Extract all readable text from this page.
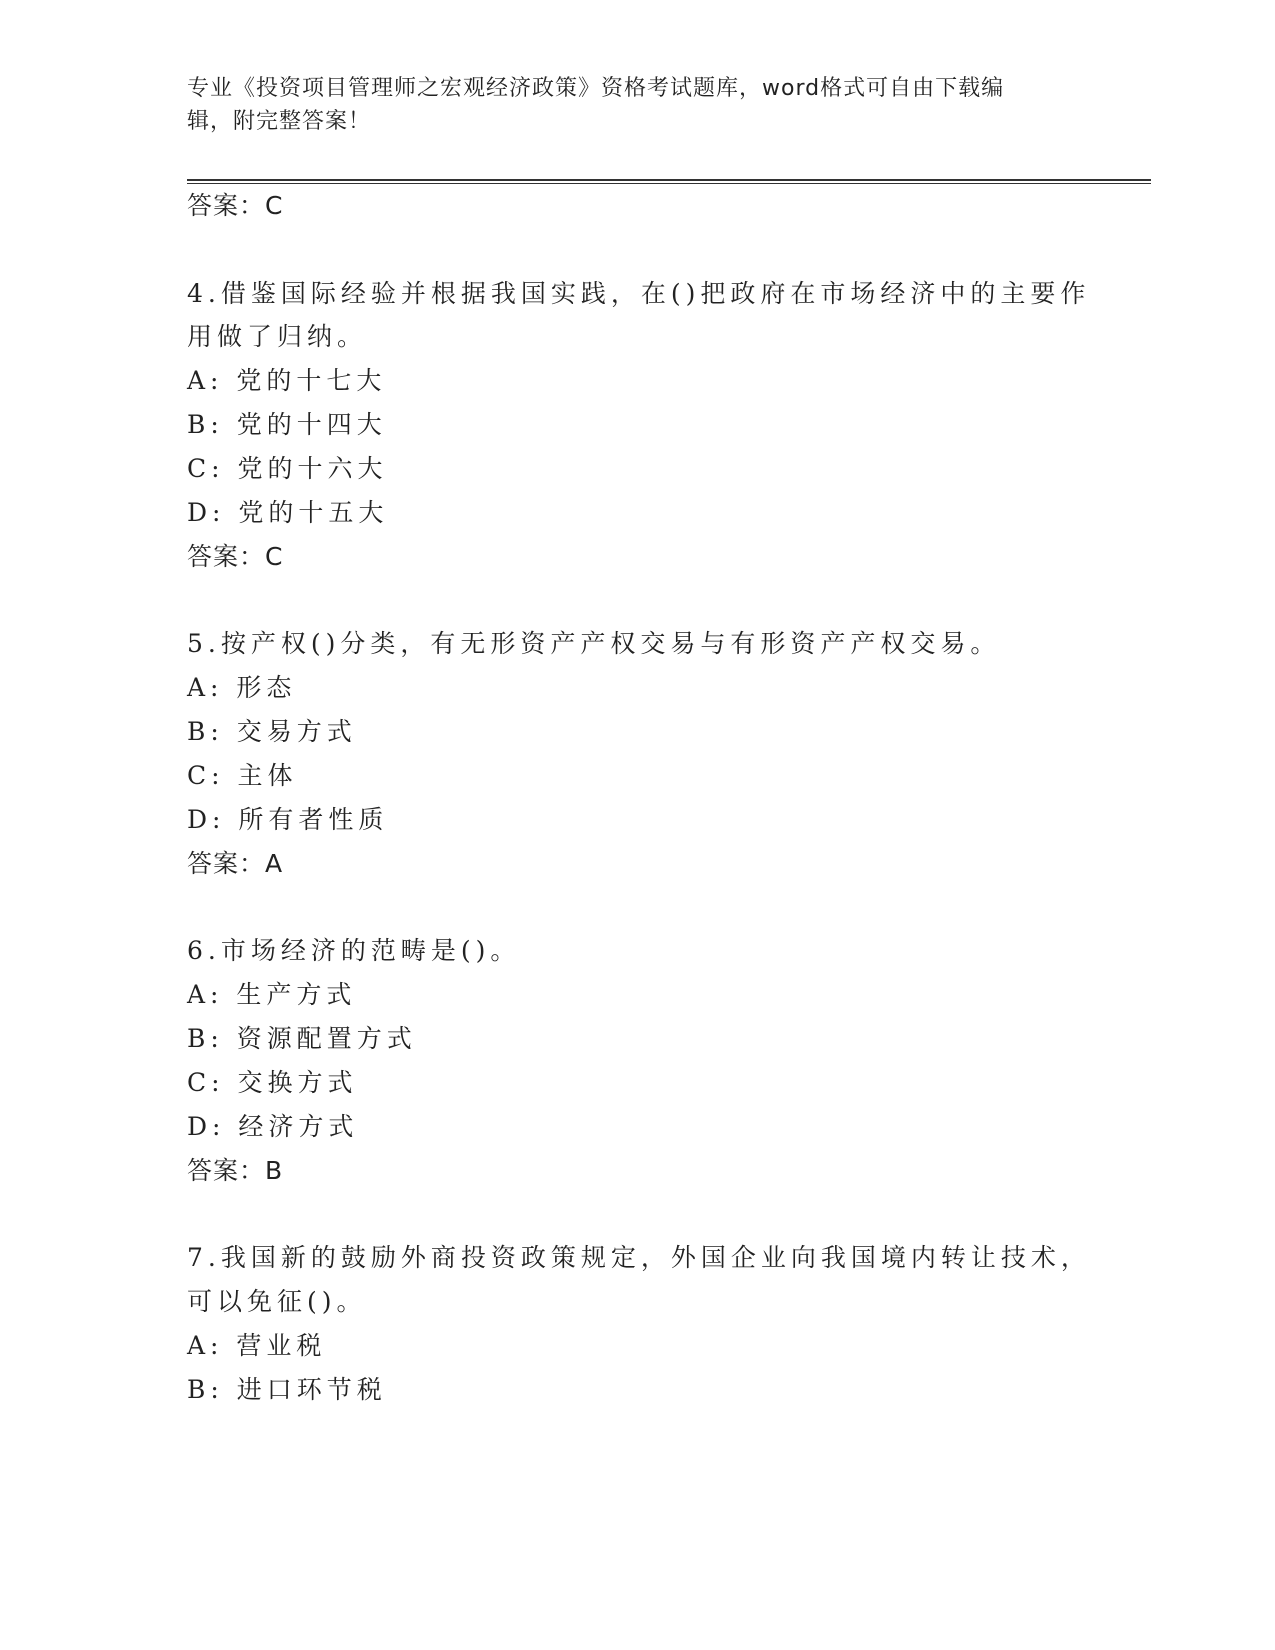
专业《投资项目管理师之宏观经济政策》资格考试题库，word格式可自由下载编
辑，附完整答案！
答案：C
4.借鉴国际经验并根据我国实践，在()把政府在市场经济中的主要作
用做了归纳。
A: 党的十七大
B: 党的十四大
C: 党的十六大
D: 党的十五大
答案：C
5.按产权()分类，有无形资产产权交易与有形资产产权交易。
A: 形态
B: 交易方式
C: 主体
D: 所有者性质
答案：A
6.市场经济的范畴是()。
A: 生产方式
B: 资源配置方式
C: 交换方式
D: 经济方式
答案：B
7.我国新的鼓励外商投资政策规定，外国企业向我国境内转让技术，
可以免征()。
A: 营业税
B: 进口环节税
